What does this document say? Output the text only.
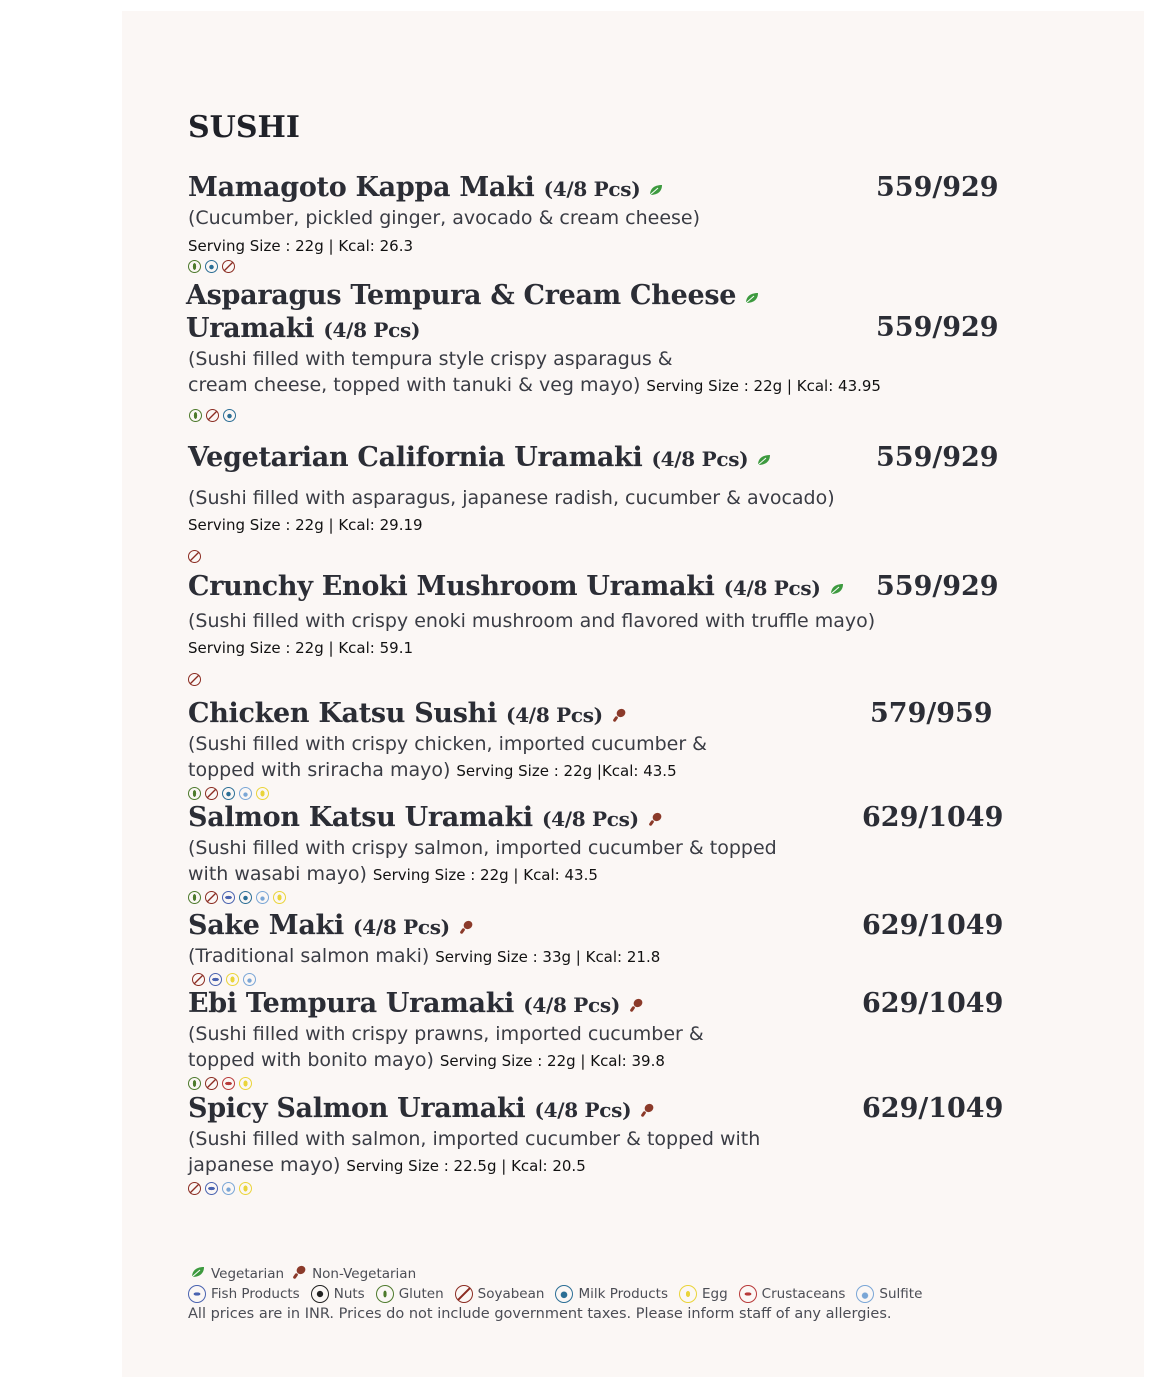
SUSHI
Mamagoto Kappa Maki (4/8 Pcs)
(Cucumber, pickled ginger, avocado & cream cheese)
Serving Size : 22g | Kcal: 26.3
559/929
Asparagus Tempura & Cream Cheese
Uramaki (4/8 Pcs)
(Sushi filled with tempura style crispy asparagus &
cream cheese, topped with tanuki & veg mayo) Serving Size : 22g | Kcal: 43.95
559/929
Vegetarian California Uramaki (4/8 Pcs)
(Sushi filled with asparagus, japanese radish, cucumber & avocado)
Serving Size : 22g | Kcal: 29.19
559/929
Crunchy Enoki Mushroom Uramaki (4/8 Pcs)
(Sushi filled with crispy enoki mushroom and flavored with truffle mayo)
Serving Size : 22g | Kcal: 59.1
559/929
Chicken Katsu Sushi (4/8 Pcs)
(Sushi filled with crispy chicken, imported cucumber &
topped with sriracha mayo) Serving Size : 22g |Kcal: 43.5
579/959
Salmon Katsu Uramaki (4/8 Pcs)
(Sushi filled with crispy salmon, imported cucumber & topped
with wasabi mayo) Serving Size : 22g | Kcal: 43.5
629/1049
Sake Maki (4/8 Pcs)
(Traditional salmon maki) Serving Size : 33g | Kcal: 21.8
629/1049
Ebi Tempura Uramaki (4/8 Pcs)
(Sushi filled with crispy prawns, imported cucumber &
topped with bonito mayo) Serving Size : 22g | Kcal: 39.8
629/1049
Spicy Salmon Uramaki (4/8 Pcs)
(Sushi filled with salmon, imported cucumber & topped with
japanese mayo) Serving Size : 22.5g | Kcal: 20.5
629/1049
Vegetarian Non-Vegetarian
Fish Products	Nuts	Gluten	Soyabean	Milk Products	Egg	Crustaceans	Sulfite
All prices are in INR. Prices do not include government taxes. Please inform staff of any allergies.
